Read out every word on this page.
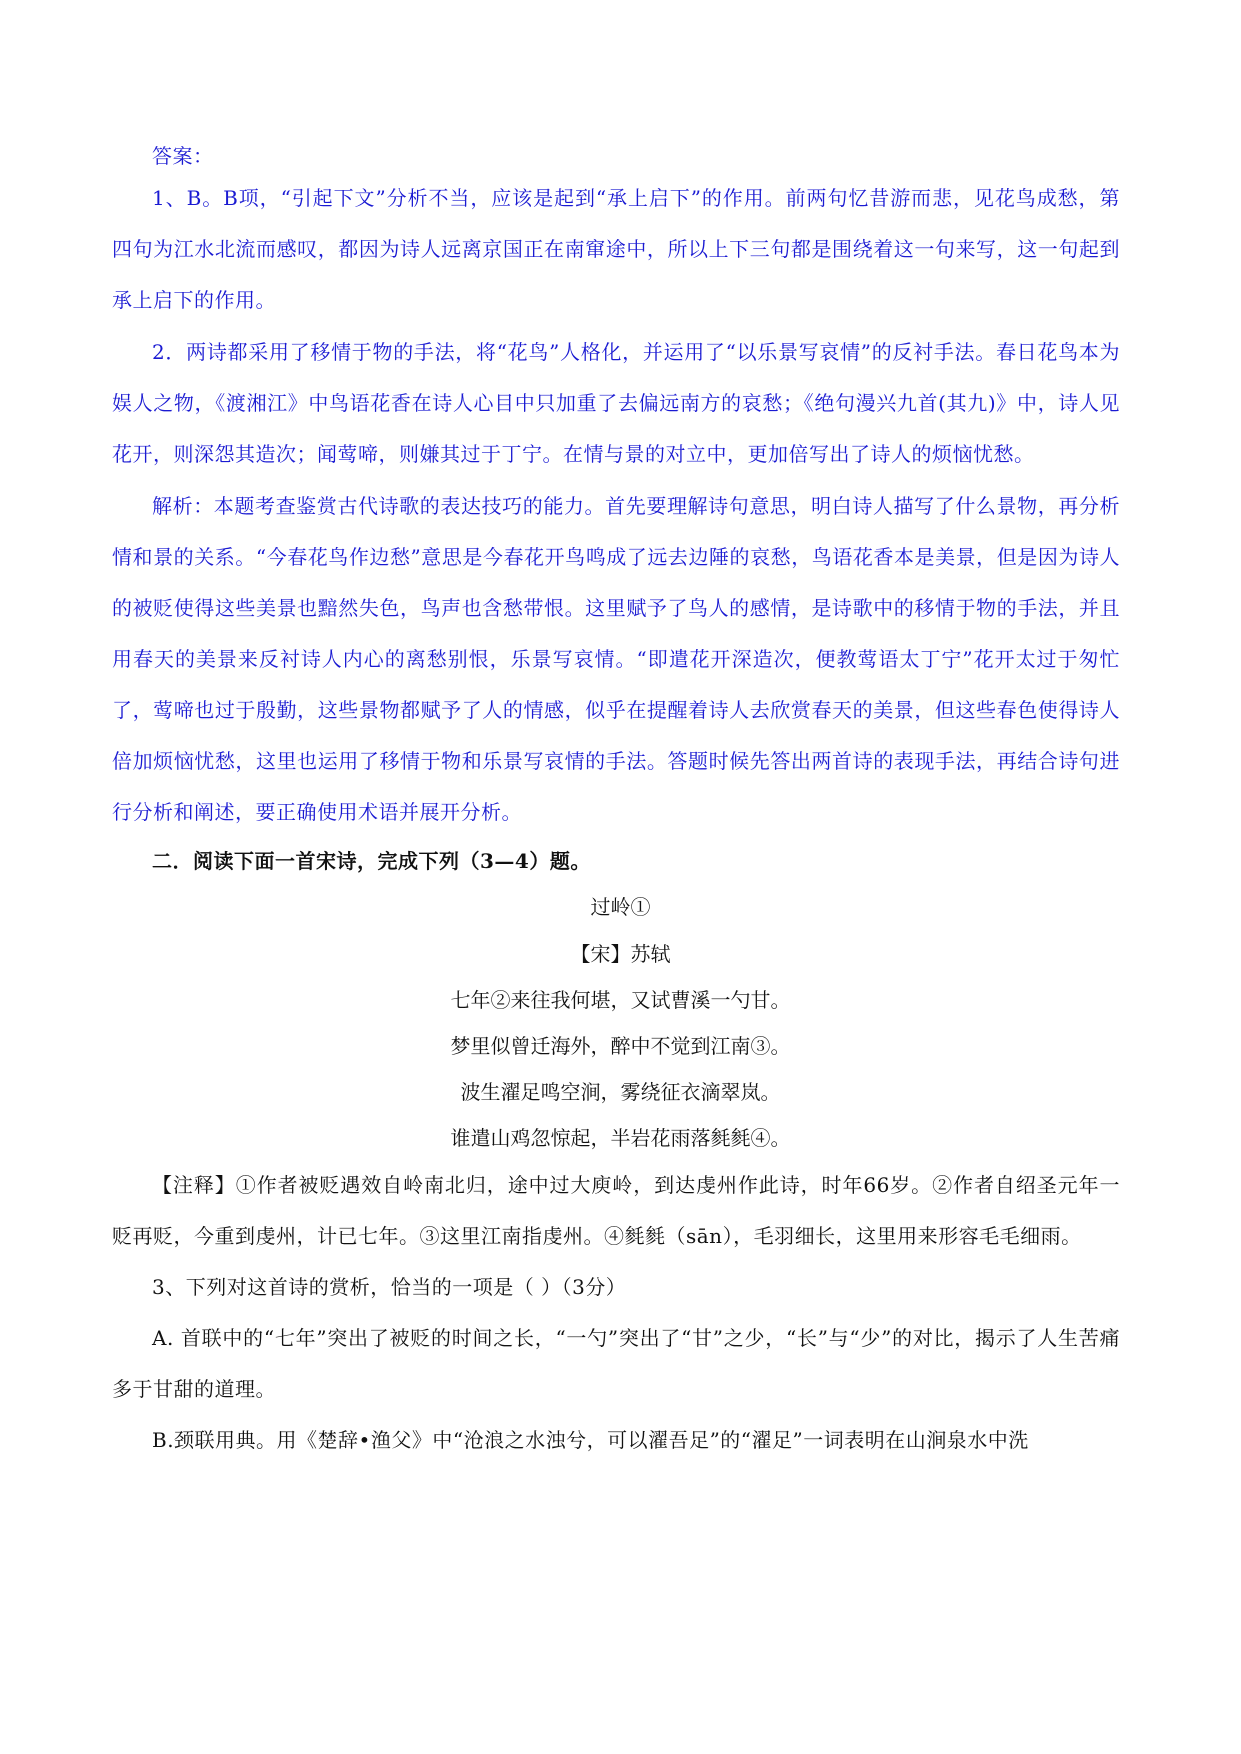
答案：
1、B。B项，“引起下文”分析不当，应该是起到“承上启下”的作用。前两句忆昔游而悲，见花鸟成愁，第四句为江水北流而感叹，都因为诗人远离京国正在南窜途中，所以上下三句都是围绕着这一句来写，这一句起到承上启下的作用。
2．两诗都采用了移情于物的手法，将“花鸟”人格化，并运用了“以乐景写哀情”的反衬手法。春日花鸟本为娱人之物，《渡湘江》中鸟语花香在诗人心目中只加重了去偏远南方的哀愁；《绝句漫兴九首(其九)》中，诗人见花开，则深怨其造次；闻莺啼，则嫌其过于丁宁。在情与景的对立中，更加倍写出了诗人的烦恼忧愁。
解析：本题考查鉴赏古代诗歌的表达技巧的能力。首先要理解诗句意思，明白诗人描写了什么景物，再分析情和景的关系。“今春花鸟作边愁”意思是今春花开鸟鸣成了远去边陲的哀愁，鸟语花香本是美景，但是因为诗人的被贬使得这些美景也黯然失色，鸟声也含愁带恨。这里赋予了鸟人的感情，是诗歌中的移情于物的手法，并且用春天的美景来反衬诗人内心的离愁别恨，乐景写哀情。“即遣花开深造次，便教莺语太丁宁”花开太过于匆忙了，莺啼也过于殷勤，这些景物都赋予了人的情感，似乎在提醒着诗人去欣赏春天的美景，但这些春色使得诗人倍加烦恼忧愁，这里也运用了移情于物和乐景写哀情的手法。答题时候先答出两首诗的表现手法，再结合诗句进行分析和阐述，要正确使用术语并展开分析。
二．阅读下面一首宋诗，完成下列（3—4）题。
过岭①
【宋】苏轼
七年②来往我何堪，又试曹溪一勺甘。
梦里似曾迁海外，醉中不觉到江南③。
波生濯足鸣空涧，雾绕征衣滴翠岚。
谁遣山鸡忽惊起，半岩花雨落毵毵④。
【注释】①作者被贬遇效自岭南北归，途中过大庾岭，到达虔州作此诗，时年66岁。②作者自绍圣元年一贬再贬，今重到虔州，计已七年。③这里江南指虔州。④毵毵（sān），毛羽细长，这里用来形容毛毛细雨。
3、下列对这首诗的赏析，恰当的一项是（ ）（3分）
A. 首联中的“七年”突出了被贬的时间之长，“一勺”突出了“甘”之少，“长”与“少”的对比，揭示了人生苦痛多于甘甜的道理。
B.颈联用典。用《楚辞•渔父》中“沧浪之水浊兮，可以濯吾足”的“濯足”一词表明在山涧泉水中洗
